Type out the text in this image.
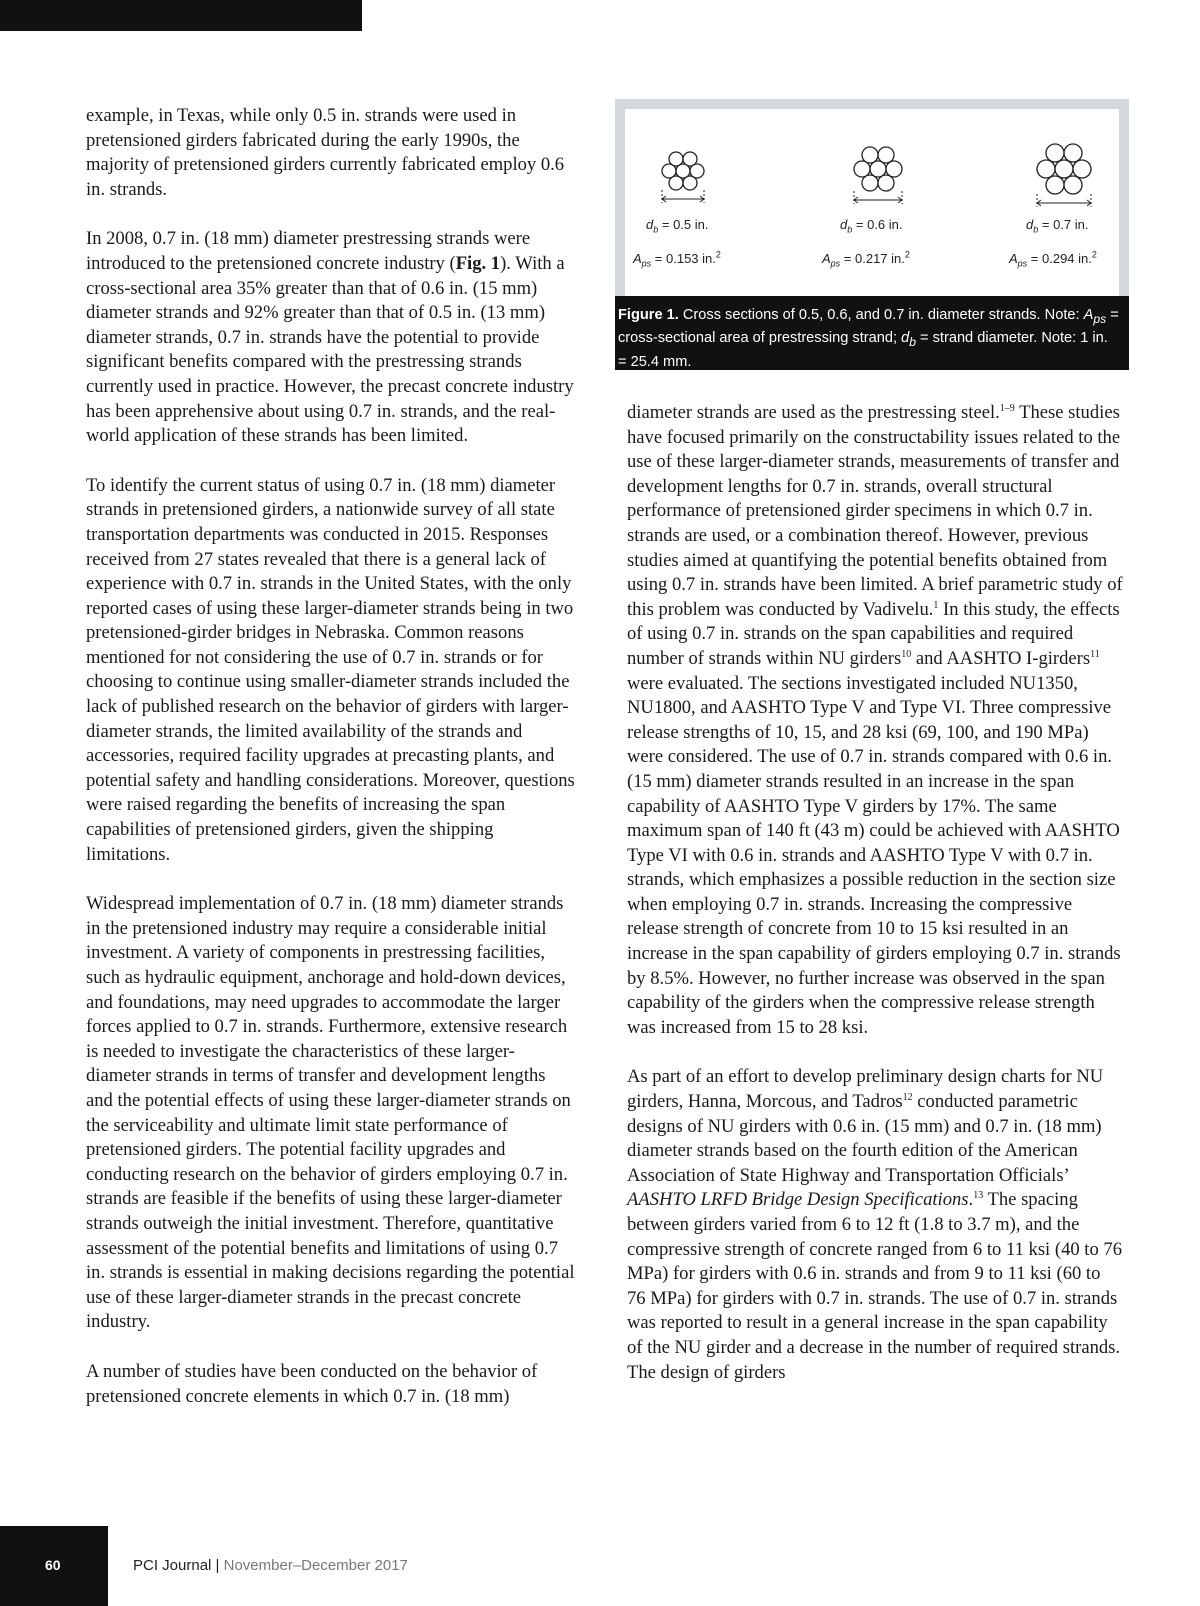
example, in Texas, while only 0.5 in. strands were used in pretensioned girders fabricated during the early 1990s, the majority of pretensioned girders currently fabricated employ 0.6 in. strands.

In 2008, 0.7 in. (18 mm) diameter prestressing strands were introduced to the pretensioned concrete industry (Fig. 1). With a cross-sectional area 35% greater than that of 0.6 in. (15 mm) diameter strands and 92% greater than that of 0.5 in. (13 mm) diameter strands, 0.7 in. strands have the potential to provide significant benefits compared with the prestressing strands currently used in practice. However, the precast concrete industry has been apprehensive about using 0.7 in. strands, and the real-world application of these strands has been limited.

To identify the current status of using 0.7 in. (18 mm) diameter strands in pretensioned girders, a nationwide survey of all state transportation departments was conducted in 2015. Responses received from 27 states revealed that there is a general lack of experience with 0.7 in. strands in the United States, with the only reported cases of using these larger-diameter strands being in two pretensioned-girder bridges in Nebraska. Common reasons mentioned for not considering the use of 0.7 in. strands or for choosing to continue using smaller-diameter strands included the lack of published research on the behavior of girders with larger-diameter strands, the limited availability of the strands and accessories, required facility upgrades at precasting plants, and potential safety and handling considerations. Moreover, questions were raised regarding the benefits of increasing the span capabilities of pretensioned girders, given the shipping limitations.

Widespread implementation of 0.7 in. (18 mm) diameter strands in the pretensioned industry may require a considerable initial investment. A variety of components in prestressing facilities, such as hydraulic equipment, anchorage and hold-down devices, and foundations, may need upgrades to accommodate the larger forces applied to 0.7 in. strands. Furthermore, extensive research is needed to investigate the characteristics of these larger-diameter strands in terms of transfer and development lengths and the potential effects of using these larger-diameter strands on the serviceability and ultimate limit state performance of pretensioned girders. The potential facility upgrades and conducting research on the behavior of girders employing 0.7 in. strands are feasible if the benefits of using these larger-diameter strands outweigh the initial investment. Therefore, quantitative assessment of the potential benefits and limitations of using 0.7 in. strands is essential in making decisions regarding the potential use of these larger-diameter strands in the precast concrete industry.

A number of studies have been conducted on the behavior of pretensioned concrete elements in which 0.7 in. (18 mm)

$d_b = 0.5$ in.
$A_{ps} = 0.153$ in.$^2$
$d_b = 0.6$ in.
$A_{ps} = 0.217$ in.$^2$
$d_b = 0.7$ in.
$A_{ps} = 0.294$ in.$^2$
Figure 1. Cross sections of 0.5, 0.6, and 0.7 in. diameter strands. Note: $A_{ps}$ = cross-sectional area of prestressing strand; $d_b$ = strand diameter. Note: 1 in. = 25.4 mm.

diameter strands are used as the prestressing steel.$^{1-9}$ These studies have focused primarily on the constructability issues related to the use of these larger-diameter strands, measurements of transfer and development lengths for 0.7 in. strands, overall structural performance of pretensioned girder specimens in which 0.7 in. strands are used, or a combination thereof. However, previous studies aimed at quantifying the potential benefits obtained from using 0.7 in. strands have been limited. A brief parametric study of this problem was conducted by Vadivelu.$^1$ In this study, the effects of using 0.7 in. strands on the span capabilities and required number of strands within NU girders$^{10}$ and AASHTO I-girders$^{11}$ were evaluated. The sections investigated included NU1350, NU1800, and AASHTO Type V and Type VI. Three compressive release strengths of 10, 15, and 28 ksi (69, 100, and 190 MPa) were considered. The use of 0.7 in. strands compared with 0.6 in. (15 mm) diameter strands resulted in an increase in the span capability of AASHTO Type V girders by 17%. The same maximum span of 140 ft (43 m) could be achieved with AASHTO Type VI with 0.6 in. strands and AASHTO Type V with 0.7 in. strands, which emphasizes a possible reduction in the section size when employing 0.7 in. strands. Increasing the compressive release strength of concrete from 10 to 15 ksi resulted in an increase in the span capability of girders employing 0.7 in. strands by 8.5%. However, no further increase was observed in the span capability of the girders when the compressive release strength was increased from 15 to 28 ksi.

As part of an effort to develop preliminary design charts for NU girders, Hanna, Morcous, and Tadros$^{12}$ conducted parametric designs of NU girders with 0.6 in. (15 mm) and 0.7 in. (18 mm) diameter strands based on the fourth edition of the American Association of State Highway and Transportation Officials’ AASHTO LRFD Bridge Design Specifications.$^{13}$ The spacing between girders varied from 6 to 12 ft (1.8 to 3.7 m), and the compressive strength of concrete ranged from 6 to 11 ksi (40 to 76 MPa) for girders with 0.6 in. strands and from 9 to 11 ksi (60 to 76 MPa) for girders with 0.7 in. strands. The use of 0.7 in. strands was reported to result in a general increase in the span capability of the NU girder and a decrease in the number of required strands. The design of girders

60	PCI Journal | November–December 2017
